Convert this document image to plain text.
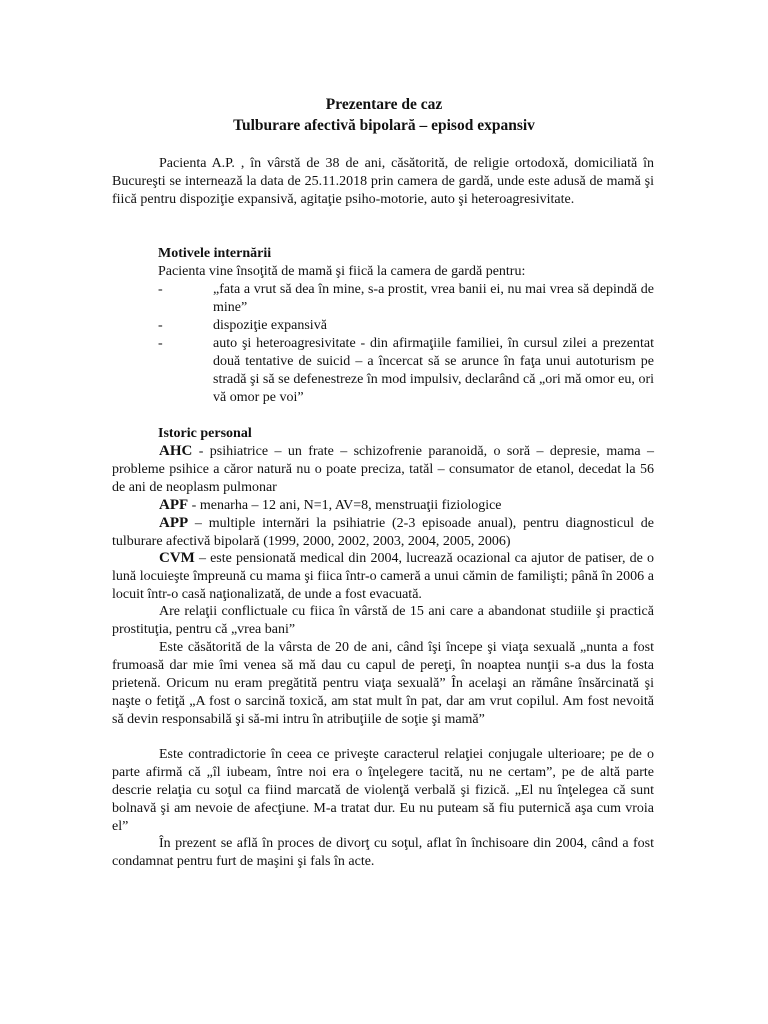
Prezentare de caz
Tulburare afectivă bipolară – episod expansiv

Pacienta A.P. , în vârstă de 38 de ani, căsătorită, de religie ortodoxă, domiciliată în Bucureşti se internează la data de 25.11.2018 prin camera de gardă, unde este adusă de mamă şi fiică pentru dispoziţie expansivă, agitaţie psiho-motorie, auto şi heteroagresivitate.

Motivele internării
Pacienta vine însoţită de mamă şi fiică la camera de gardă pentru:
-	„fata a vrut să dea în mine, s-a prostit, vrea banii ei, nu mai vrea să depindă de mine”
-	dispoziţie expansivă
-	auto şi heteroagresivitate - din afirmaţiile familiei, în cursul zilei a prezentat două tentative de suicid – a încercat să se arunce în faţa unui autoturism pe stradă şi să se defenestreze în mod impulsiv, declarând că „ori mă omor eu, ori vă omor pe voi”
Istoric personal

AHC - psihiatrice – un frate – schizofrenie paranoidă, o soră – depresie, mama – probleme psihice a căror natură nu o poate preciza, tatăl – consumator de etanol, decedat la 56 de ani de neoplasm pulmonar

APF - menarha – 12 ani, N=1, AV=8, menstruaţii fiziologice

APP – multiple internări la psihiatrie (2-3 episoade anual), pentru diagnosticul de tulburare afectivă bipolară (1999, 2000, 2002, 2003, 2004, 2005, 2006)

CVM – este pensionată medical din 2004, lucrează ocazional ca ajutor de patiser, de o lună locuieşte împreună cu mama şi fiica într-o cameră a unui cămin de familişti; până în 2006 a locuit într-o casă naţionalizată, de unde a fost evacuată.

Are relaţii conflictuale cu fiica în vârstă de 15 ani care a abandonat studiile şi practică prostituţia, pentru că „vrea bani”

Este căsătorită de la vârsta de 20 de ani, când îşi începe şi viaţa sexuală „nunta a fost frumoasă dar mie îmi venea să mă dau cu capul de pereţi, în noaptea nunţii s-a dus la fosta prietenă. Oricum nu eram pregătită pentru viaţa sexuală” În acelaşi an rămâne însărcinată şi naşte o fetiţă „A fost o sarcină toxică, am stat mult în pat, dar am vrut copilul. Am fost nevoită să devin responsabilă şi să-mi intru în atribuţiile de soţie şi mamă”

Este contradictorie în ceea ce priveşte caracterul relaţiei conjugale ulterioare; pe de o parte afirmă că „îl iubeam, între noi era o înţelegere tacită, nu ne certam”, pe de altă parte descrie relaţia cu soţul ca fiind marcată de violenţă verbală şi fizică. „El nu înţelegea că sunt bolnavă şi am nevoie de afecţiune. M-a tratat dur. Eu nu puteam să fiu puternică aşa cum vroia el”

În prezent se află în proces de divorţ cu soţul, aflat în închisoare din 2004, când a fost condamnat pentru furt de maşini şi fals în acte.
